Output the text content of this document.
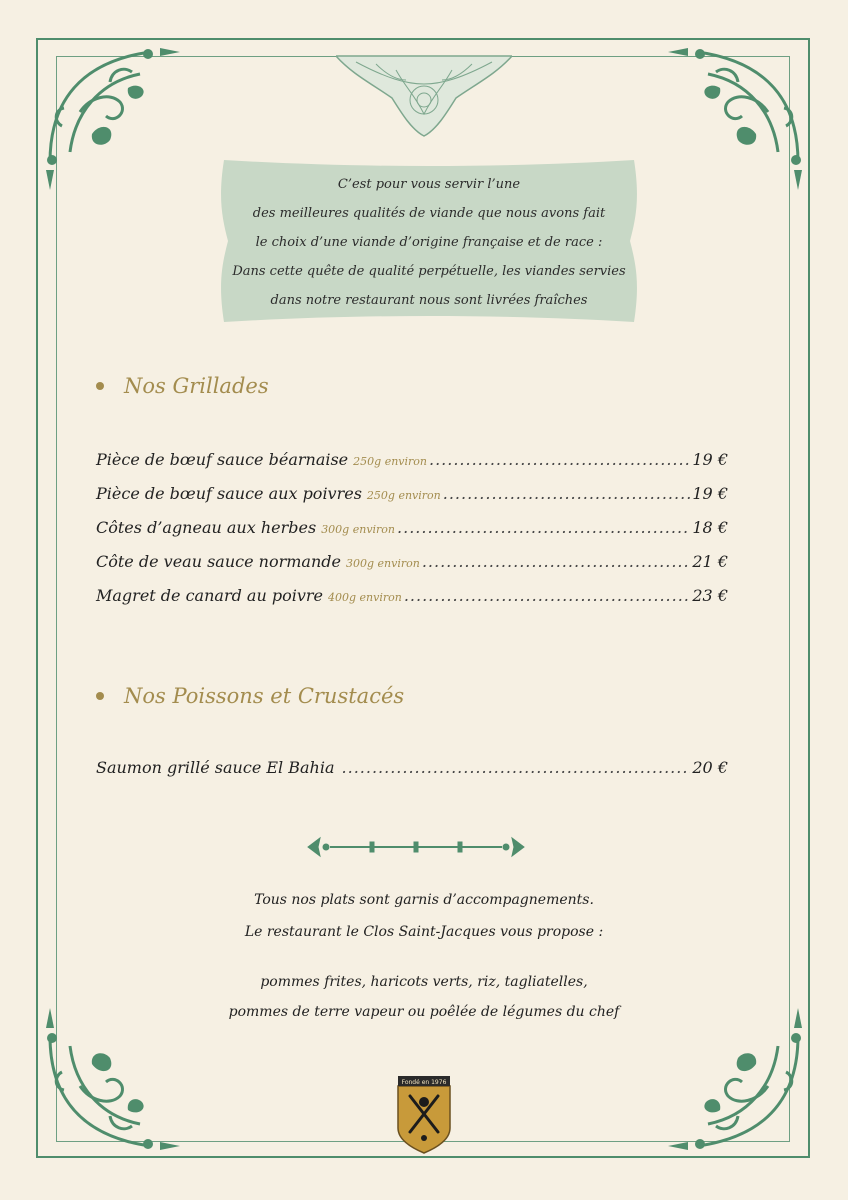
C’est pour vous servir l’une
des meilleures qualités de viande que nous avons fait
le choix d’une viande d’origine française et de race :
Dans cette quête de qualité perpétuelle, les viandes servies
dans notre restaurant nous sont livrées fraîches
Nos Grillades
Pièce de bœuf sauce béarnaise 250g environ .....	19 €
Pièce de bœuf sauce aux poivres 250g environ .....	19 €
Côtes d’agneau aux herbes 300g environ .....	18 €
Côte de veau sauce normande 300g environ .....	21 €
Magret de canard au poivre 400g environ .....	23 €
Nos Poissons et Crustacés
Saumon grillé sauce El Bahia .....	20 €
Tous nos plats sont garnis d’accompagnements.
Le restaurant le Clos Saint-Jacques vous propose :
pommes frites, haricots verts, riz, tagliatelles,
pommes de terre vapeur ou poêlée de légumes du chef
Fondé en 1976
